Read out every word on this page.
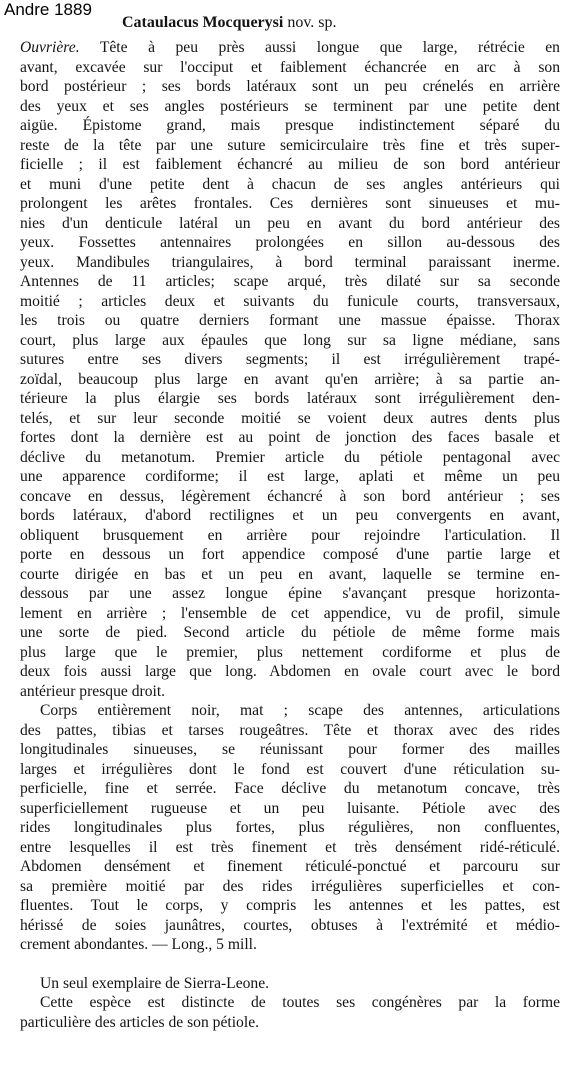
Andre 1889
Cataulacus Mocquerysi nov. sp.
Ouvrière. Tête à peu près aussi longue que large, rétrécie en
avant, excavée sur l'occiput et faiblement échancrée en arc à son
bord postérieur ; ses bords latéraux sont un peu crénelés en arrière
des yeux et ses angles postérieurs se terminent par une petite dent
aigüe. Épistome grand, mais presque indistinctement séparé du
reste de la tête par une suture semicirculaire très fine et très super-
ficielle ; il est faiblement échancré au milieu de son bord antérieur
et muni d'une petite dent à chacun de ses angles antérieurs qui
prolongent les arêtes frontales. Ces dernières sont sinueuses et mu-
nies d'un denticule latéral un peu en avant du bord antérieur des
yeux. Fossettes antennaires prolongées en sillon au-dessous des
yeux. Mandibules triangulaires, à bord terminal paraissant inerme.
Antennes de 11 articles; scape arqué, très dilaté sur sa seconde
moitié ; articles deux et suivants du funicule courts, transversaux,
les trois ou quatre derniers formant une massue épaisse. Thorax
court, plus large aux épaules que long sur sa ligne médiane, sans
sutures entre ses divers segments; il est irrégulièrement trapé-
zoïdal, beaucoup plus large en avant qu'en arrière; à sa partie an-
térieure la plus élargie ses bords latéraux sont irrégulièrement den-
telés, et sur leur seconde moitié se voient deux autres dents plus
fortes dont la dernière est au point de jonction des faces basale et
déclive du metanotum. Premier article du pétiole pentagonal avec
une apparence cordiforme; il est large, aplati et même un peu
concave en dessus, légèrement échancré à son bord antérieur ; ses
bords latéraux, d'abord rectilignes et un peu convergents en avant,
obliquent brusquement en arrière pour rejoindre l'articulation. Il
porte en dessous un fort appendice composé d'une partie large et
courte dirigée en bas et un peu en avant, laquelle se termine en-
dessous par une assez longue épine s'avançant presque horizonta-
lement en arrière ; l'ensemble de cet appendice, vu de profil, simule
une sorte de pied. Second article du pétiole de même forme mais
plus large que le premier, plus nettement cordiforme et plus de
deux fois aussi large que long. Abdomen en ovale court avec le bord
antérieur presque droit.
Corps entièrement noir, mat ; scape des antennes, articulations
des pattes, tibias et tarses rougeâtres. Tête et thorax avec des rides
longitudinales sinueuses, se réunissant pour former des mailles
larges et irrégulières dont le fond est couvert d'une réticulation su-
perficielle, fine et serrée. Face déclive du metanotum concave, très
superficiellement rugueuse et un peu luisante. Pétiole avec des
rides longitudinales plus fortes, plus régulières, non confluentes,
entre lesquelles il est très finement et très densément ridé-réticulé.
Abdomen densément et finement réticulé-ponctué et parcouru sur
sa première moitié par des rides irrégulières superficielles et con-
fluentes. Tout le corps, y compris les antennes et les pattes, est
hérissé de soies jaunâtres, courtes, obtuses à l'extrémité et médio-
crement abondantes. — Long., 5 mill.
Un seul exemplaire de Sierra-Leone.
Cette espèce est distincte de toutes ses congénères par la forme
particulière des articles de son pétiole.
